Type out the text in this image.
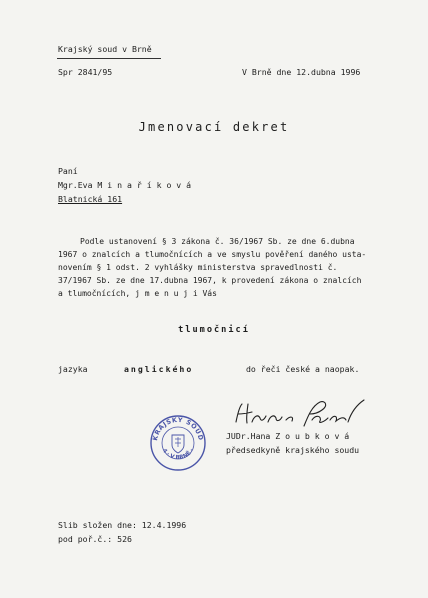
Krajský soud v Brně
Spr 2841/95	V Brně dne 12.dubna 1996
Jmenovací dekret
Paní
Mgr.Eva M i n a ř í k o v á
Blatnická 161
Podle ustanovení § 3 zákona č. 36/1967 Sb. ze dne 6.dubna
1967 o znalcích a tlumočnících a ve smyslu pověření daného ustа-
novením § 1 odst. 2 vyhlášky ministerstva spravedlnosti č.
37/1967 Sb. ze dne 17.dubna 1967, k provedení zákona o znalcích
a tlumočnících, j m e n u j i Vás
tlumočnicí
jazyka	anglického	do řeči české a naopak.
KRAJSKÝ SOUD
4 · V BRNĚ ·
JUDr.Hana Z o u b k o v á
předsedkyně krajského soudu
Slib složen dne: 12.4.1996
pod poř.č.: 526
